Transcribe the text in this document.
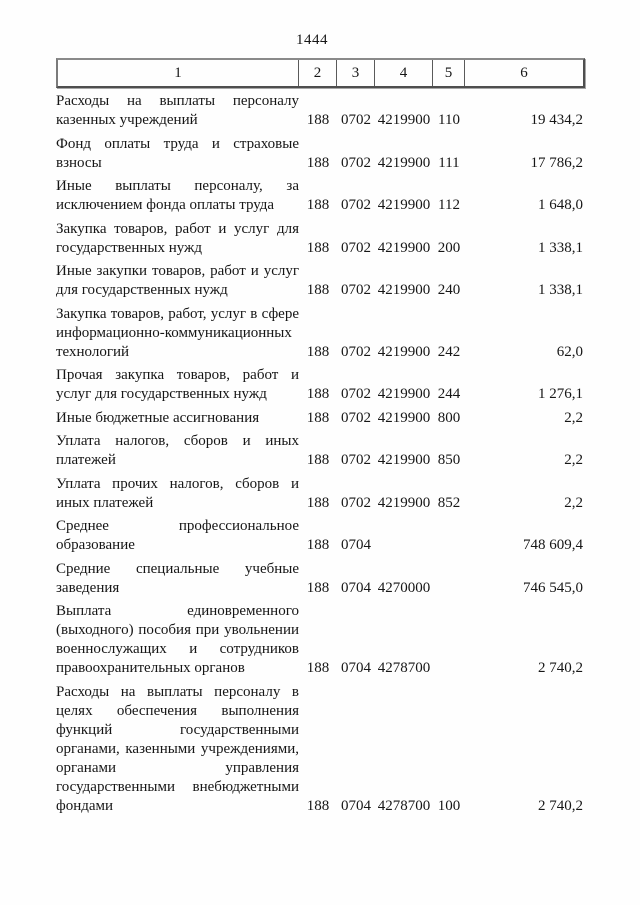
1444
1	2	3	4	5	6
Расходы на выплаты персоналу казенных учреждений	188 0702 4219900 110	19 434,2
Фонд оплаты труда и страховые взносы	188 0702 4219900 111	17 786,2
Иные выплаты персоналу, за исключением фонда оплаты труда	188 0702 4219900 112	1 648,0
Закупка товаров, работ и услуг для государственных нужд	188 0702 4219900 200	1 338,1
Иные закупки товаров, работ и услуг для государственных нужд	188 0702 4219900 240	1 338,1
Закупка товаров, работ, услуг в сфере информационно-коммуникационных технологий	188 0702 4219900 242	62,0
Прочая закупка товаров, работ и услуг для государственных нужд	188 0702 4219900 244	1 276,1
Иные бюджетные ассигнования	188 0702 4219900 800	2,2
Уплата налогов, сборов и иных платежей	188 0702 4219900 850	2,2
Уплата прочих налогов, сборов и иных платежей	188 0702 4219900 852	2,2
Среднее профессиональное образование	188 0704	748 609,4
Средние специальные учебные заведения	188 0704 4270000	746 545,0
Выплата единовременного (выходного) пособия при увольнении военнослужащих и сотрудников правоохранительных органов	188 0704 4278700	2 740,2
Расходы на выплаты персоналу в целях обеспечения выполнения функций государственными органами, казенными учреждениями, органами управления государственными внебюджетными фондами	188 0704 4278700 100	2 740,2
